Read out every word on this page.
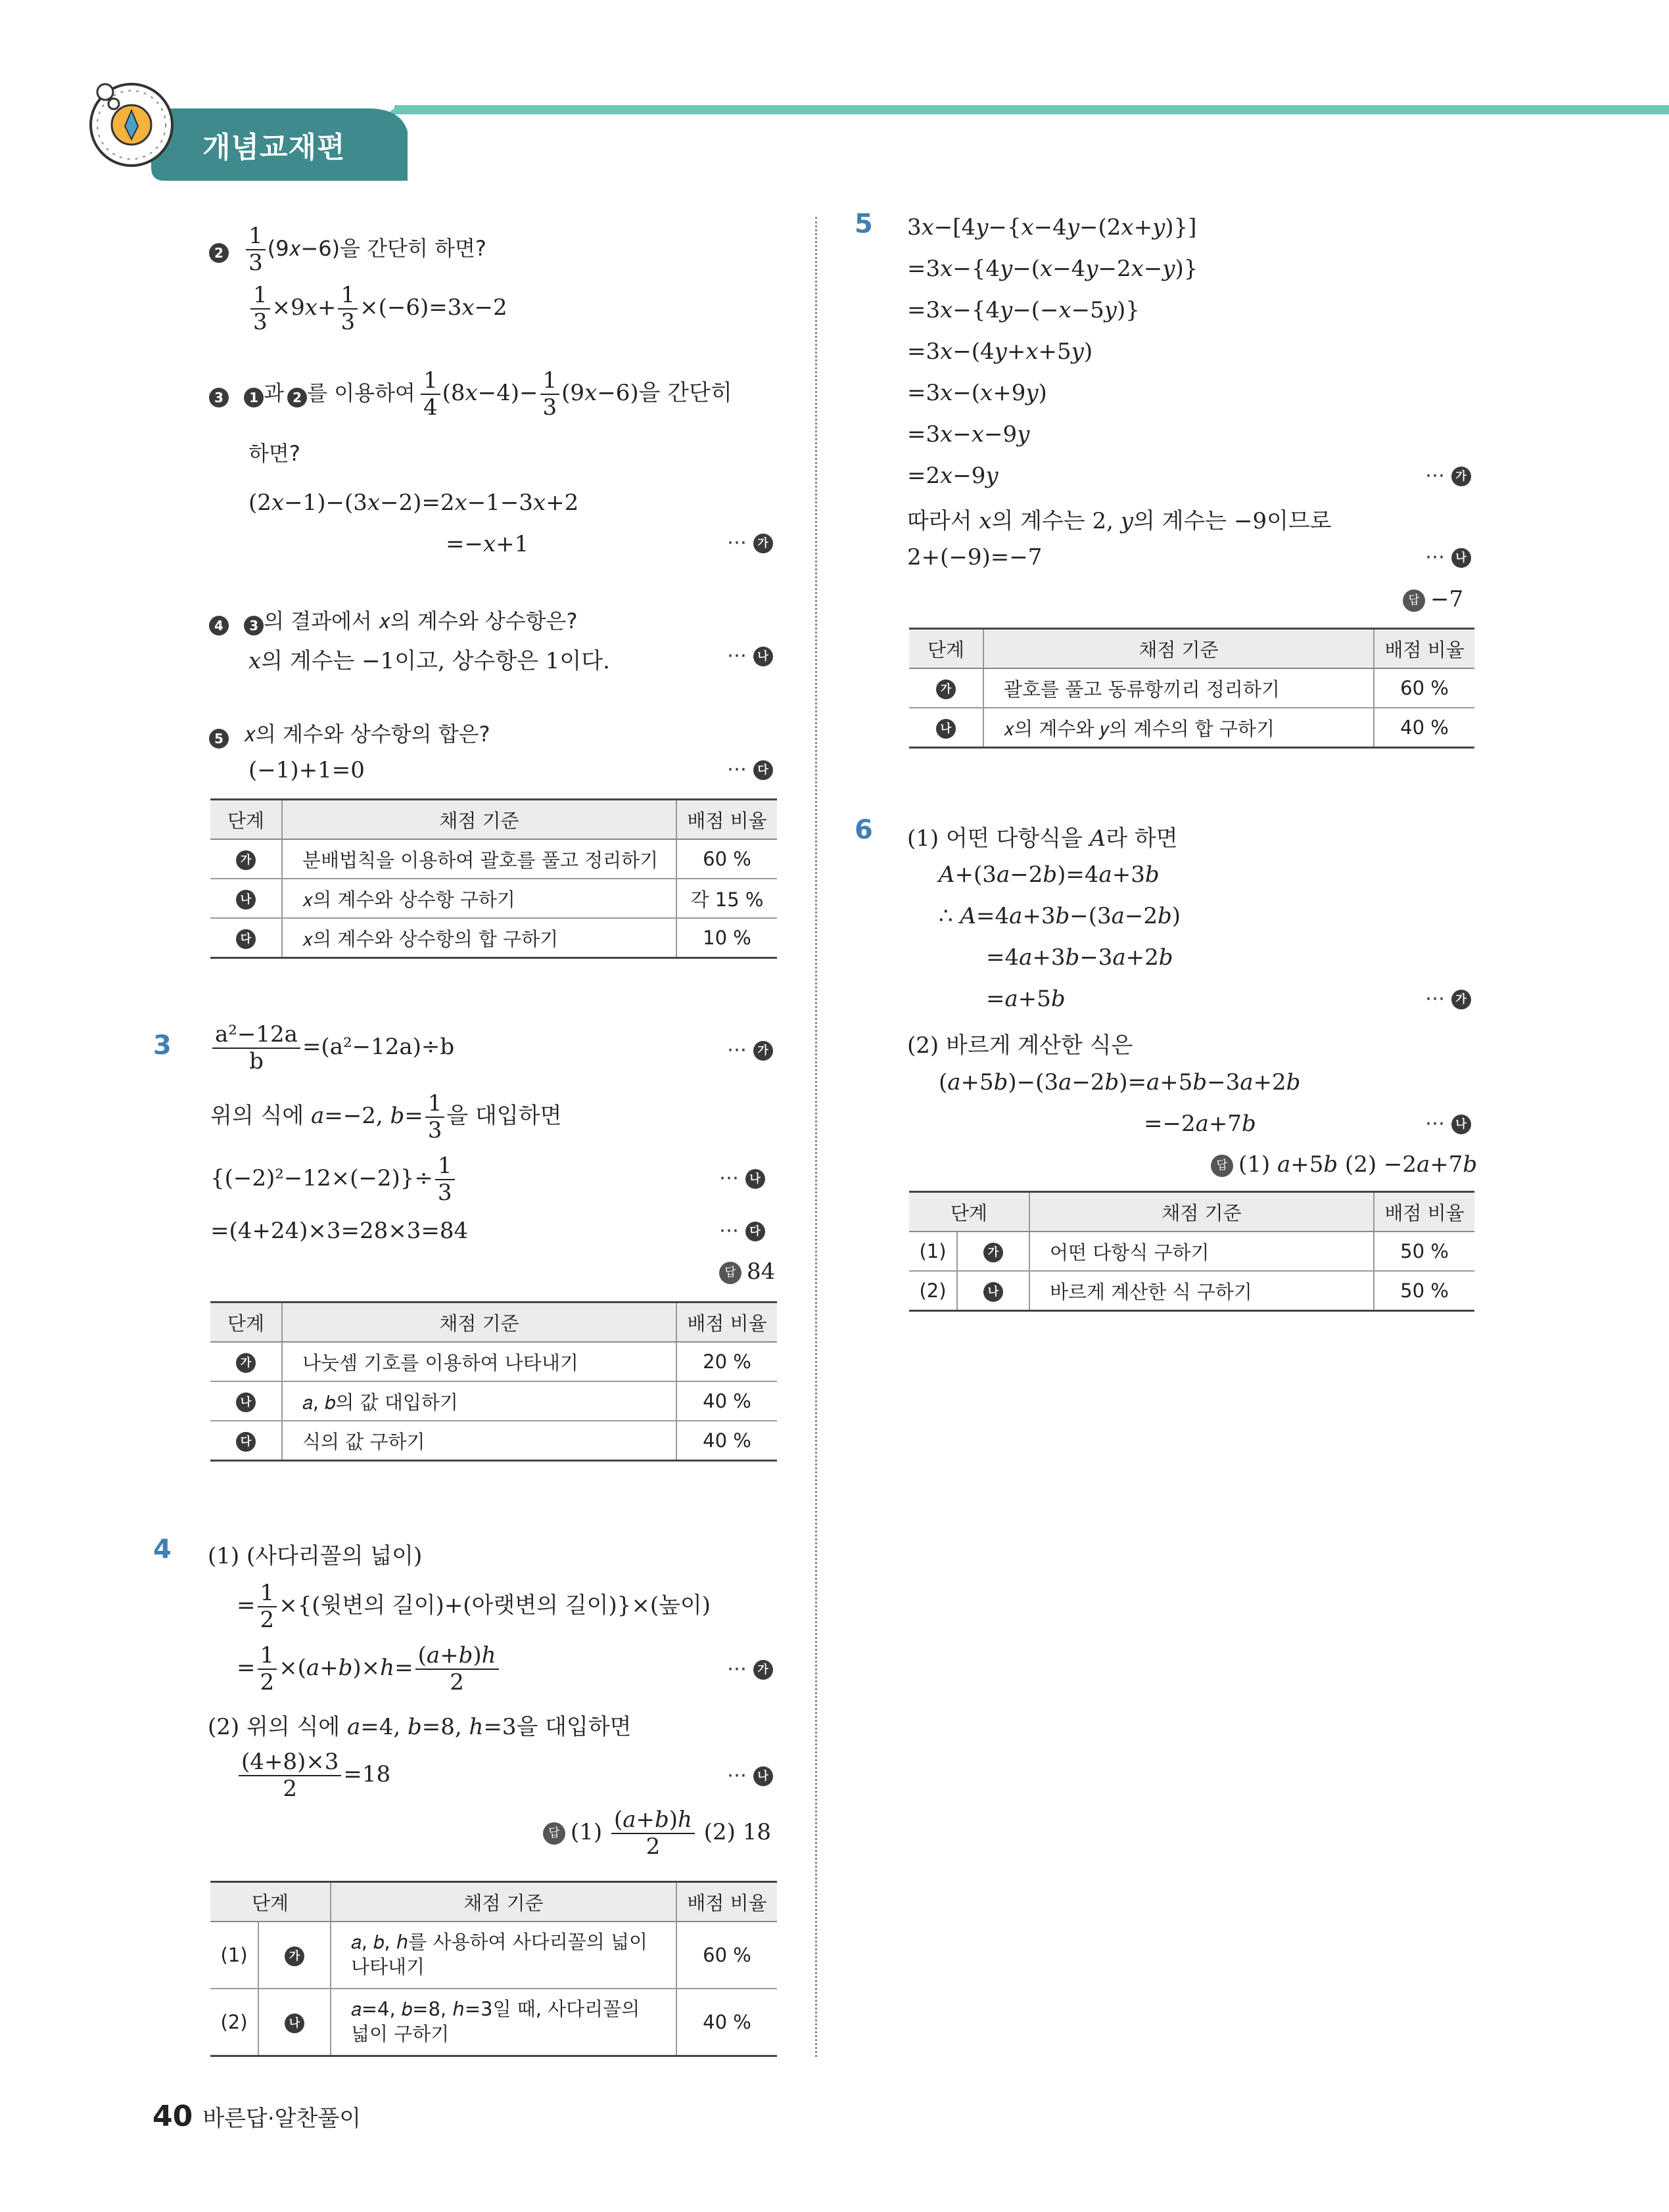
개념교재편
$2 \frac{1}{3}$ (9𝑥−6)을 간단히 하면?
$\frac{1}{3}$ ×9𝑥+ $\frac{1}{3}$ ×(−6)=3𝑥−2
3 1 과 2 를 이용하여 $\frac{1}{4}$ (8𝑥−4)− $\frac{1}{3}$ (9𝑥−6)을 간단히
하면?
(2𝑥−1)−(3𝑥−2)=2𝑥−1−3𝑥+2
=−𝑥+1	⋯ 가
4 3 의 결과에서 𝑥의 계수와 상수항은?
𝑥의 계수는 −1이고, 상수항은 1이다.	⋯ 나
5 𝑥의 계수와 상수항의 합은?
(−1)+1=0	⋯ 다
단계	채점 기준	배점 비율
가	분배법칙을 이용하여 괄호를 풀고 정리하기	60 %
나	𝑥의 계수와 상수항 구하기	각 15 %
다	𝑥의 계수와 상수항의 합 구하기	10 %
$3 \frac{\text{a²−12a}}{b} =(a^2-12a)\div b$	⋯ 가
위의 식에 𝑎=−2, 𝑏= $\frac{1}{3}$ 을 대입하면
$\{(-2)^2-12\times(-2)\}\div \frac{1}{3}$	⋯ 나
=(4+24)×3=28×3=84	⋯ 다
답 84
단계	채점 기준	배점 비율
가	나눗셈 기호를 이용하여 나타내기	20 %
나	𝑎, 𝑏의 값 대입하기	40 %
다	식의 값 구하기	40 %
4 (1) (사다리꼴의 넓이)
= $\frac{1}{2}$ ×{(윗변의 길이)+(아랫변의 길이)}×(높이)
= $\frac{1}{2}$ ×(𝑎+𝑏)×ℎ= $\frac{\text{(𝑎+𝑏)ℎ}}{2}$	⋯ 가
(2) 위의 식에 𝑎=4, 𝑏=8, ℎ=3을 대입하면
$\frac{(4+8)\times 3}{2} =18$	⋯ 나
답 $(1) \frac{\text{(𝑎+𝑏)ℎ}}{2} (2)$ 18
단계		채점 기준	배점 비율
(1)	가	𝑎, 𝑏, ℎ를 사용하여 사다리꼴의 넓이
나타내기	60 %
(2)	나	𝑎=4, 𝑏=8, ℎ=3일 때, 사다리꼴의
넓이 구하기	40 %
5 3𝑥−[4𝑦−{𝑥−4𝑦−(2𝑥+𝑦)}]
=3𝑥−{4𝑦−(𝑥−4𝑦−2𝑥−𝑦)}
=3𝑥−{4𝑦−(−𝑥−5𝑦)}
=3𝑥−(4𝑦+𝑥+5𝑦)
=3𝑥−(𝑥+9𝑦)
=3𝑥−𝑥−9𝑦
=2𝑥−9𝑦	⋯ 가
따라서 𝑥의 계수는 2, 𝑦의 계수는 −9이므로
2+(−9)=−7	⋯ 나
답 −7
단계	채점 기준	배점 비율
가	괄호를 풀고 동류항끼리 정리하기	60 %
나	𝑥의 계수와 𝑦의 계수의 합 구하기	40 %
6 (1) 어떤 다항식을 𝐴라 하면
𝐴+(3𝑎−2𝑏)=4𝑎+3𝑏
∴ 𝐴=4𝑎+3𝑏−(3𝑎−2𝑏)
=4𝑎+3𝑏−3𝑎+2𝑏
=𝑎+5𝑏	⋯ 가
(2) 바르게 계산한 식은
(𝑎+5𝑏)−(3𝑎−2𝑏)=𝑎+5𝑏−3𝑎+2𝑏
=−2𝑎+7𝑏	⋯ 나
답 (1) 𝑎+5𝑏 (2) −2𝑎+7𝑏
단계		채점 기준	배점 비율
(1)	가	어떤 다항식 구하기	50 %
(2)	나	바르게 계산한 식 구하기	50 %
40 바른답·알찬풀이
